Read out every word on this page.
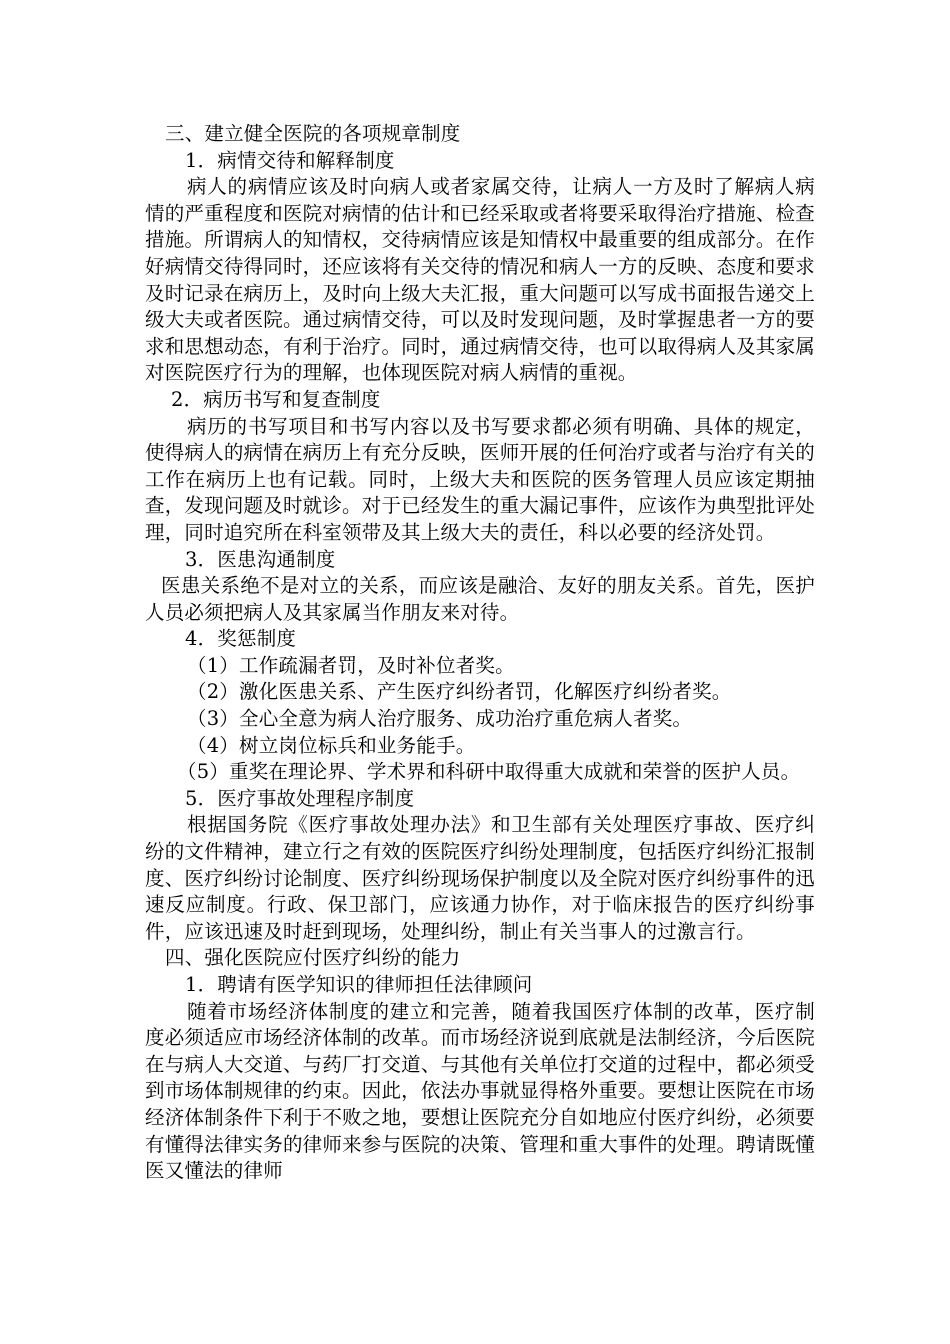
三、建立健全医院的各项规章制度

1．病情交待和解释制度

病人的病情应该及时向病人或者家属交待，让病人一方及时了解病人病情的严重程度和医院对病情的估计和已经采取或者将要采取得治疗措施、检查措施。所谓病人的知情权，交待病情应该是知情权中最重要的组成部分。在作好病情交待得同时，还应该将有关交待的情况和病人一方的反映、态度和要求及时记录在病历上，及时向上级大夫汇报，重大问题可以写成书面报告递交上级大夫或者医院。通过病情交待，可以及时发现问题，及时掌握患者一方的要求和思想动态，有利于治疗。同时，通过病情交待，也可以取得病人及其家属对医院医疗行为的理解，也体现医院对病人病情的重视。

2．病历书写和复查制度

病历的书写项目和书写内容以及书写要求都必须有明确、具体的规定，使得病人的病情在病历上有充分反映，医师开展的任何治疗或者与治疗有关的工作在病历上也有记载。同时，上级大夫和医院的医务管理人员应该定期抽查，发现问题及时就诊。对于已经发生的重大漏记事件，应该作为典型批评处理，同时追究所在科室领带及其上级大夫的责任，科以必要的经济处罚。

3．医患沟通制度

医患关系绝不是对立的关系，而应该是融洽、友好的朋友关系。首先，医护人员必须把病人及其家属当作朋友来对待。

4．奖惩制度

（1）工作疏漏者罚，及时补位者奖。

（2）激化医患关系、产生医疗纠纷者罚，化解医疗纠纷者奖。

（3）全心全意为病人治疗服务、成功治疗重危病人者奖。

（4）树立岗位标兵和业务能手。

（5）重奖在理论界、学术界和科研中取得重大成就和荣誉的医护人员。

5．医疗事故处理程序制度

根据国务院《医疗事故处理办法》和卫生部有关处理医疗事故、医疗纠纷的文件精神，建立行之有效的医院医疗纠纷处理制度，包括医疗纠纷汇报制度、医疗纠纷讨论制度、医疗纠纷现场保护制度以及全院对医疗纠纷事件的迅速反应制度。行政、保卫部门，应该通力协作，对于临床报告的医疗纠纷事件，应该迅速及时赶到现场，处理纠纷，制止有关当事人的过激言行。

四、强化医院应付医疗纠纷的能力

1．聘请有医学知识的律师担任法律顾问

随着市场经济体制度的建立和完善，随着我国医疗体制的改革，医疗制度必须适应市场经济体制的改革。而市场经济说到底就是法制经济，今后医院在与病人大交道、与药厂打交道、与其他有关单位打交道的过程中，都必须受到市场体制规律的约束。因此，依法办事就显得格外重要。要想让医院在市场经济体制条件下利于不败之地，要想让医院充分自如地应付医疗纠纷，必须要有懂得法律实务的律师来参与医院的决策、管理和重大事件的处理。聘请既懂医又懂法的律师
